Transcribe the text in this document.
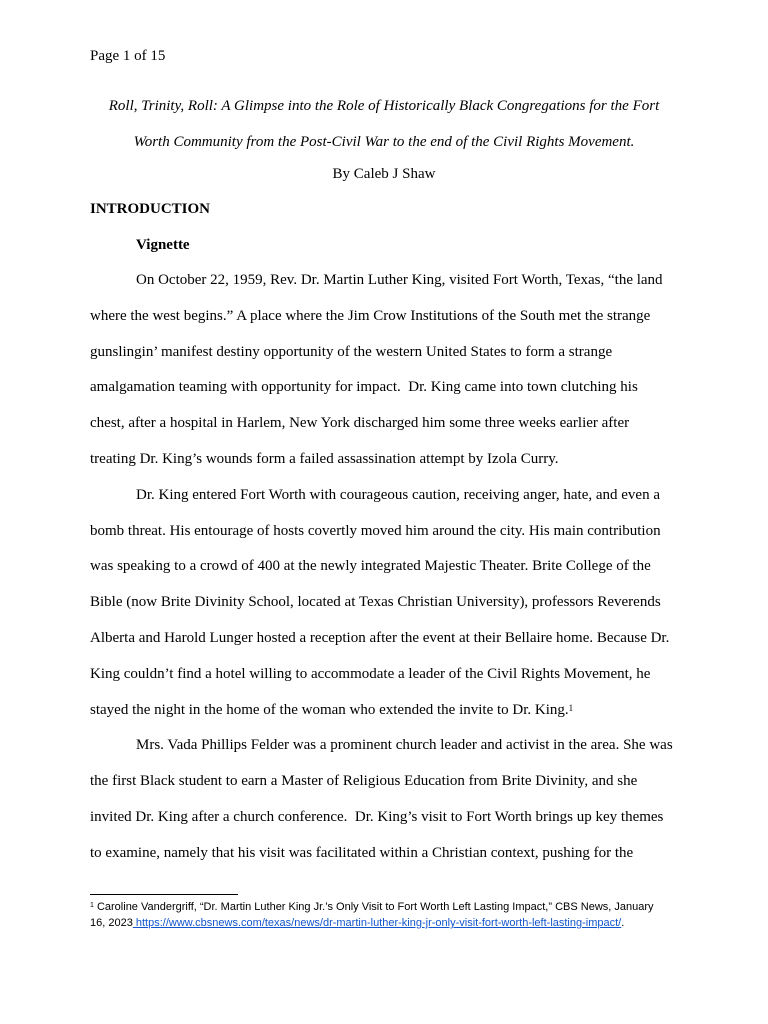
Page 1 of 15
Roll, Trinity, Roll: A Glimpse into the Role of Historically Black Congregations for the Fort
Worth Community from the Post-Civil War to the end of the Civil Rights Movement.
By Caleb J Shaw
INTRODUCTION
Vignette
On October 22, 1959, Rev. Dr. Martin Luther King, visited Fort Worth, Texas, “the land
where the west begins.” A place where the Jim Crow Institutions of the South met the strange
gunslingin’ manifest destiny opportunity of the western United States to form a strange
amalgamation teaming with opportunity for impact.  Dr. King came into town clutching his
chest, after a hospital in Harlem, New York discharged him some three weeks earlier after
treating Dr. King’s wounds form a failed assassination attempt by Izola Curry.
Dr. King entered Fort Worth with courageous caution, receiving anger, hate, and even a
bomb threat. His entourage of hosts covertly moved him around the city. His main contribution
was speaking to a crowd of 400 at the newly integrated Majestic Theater. Brite College of the
Bible (now Brite Divinity School, located at Texas Christian University), professors Reverends
Alberta and Harold Lunger hosted a reception after the event at their Bellaire home. Because Dr.
King couldn’t find a hotel willing to accommodate a leader of the Civil Rights Movement, he
stayed the night in the home of the woman who extended the invite to Dr. King.$^1$
Mrs. Vada Phillips Felder was a prominent church leader and activist in the area. She was
the first Black student to earn a Master of Religious Education from Brite Divinity, and she
invited Dr. King after a church conference.  Dr. King’s visit to Fort Worth brings up key themes
to examine, namely that his visit was facilitated within a Christian context, pushing for the
$^1$ Caroline Vandergriff, “Dr. Martin Luther King Jr.’s Only Visit to Fort Worth Left Lasting Impact,” CBS News, January
16, 2023 https://www.cbsnews.com/texas/news/dr-martin-luther-king-jr-only-visit-fort-worth-left-lasting-impact/.
